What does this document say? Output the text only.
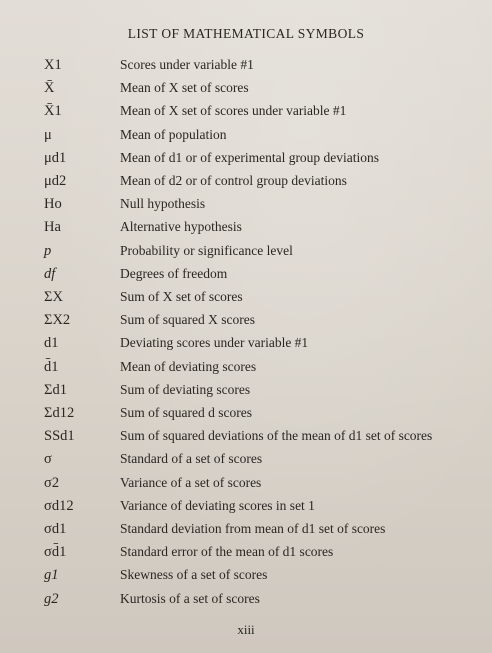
LIST OF MATHEMATICAL SYMBOLS
X1	Scores under variable #1
X̄	Mean of X set of scores
X̄1	Mean of X set of scores under variable #1
μ	Mean of population
μd1	Mean of d1 or of experimental group deviations
μd2	Mean of d2 or of control group deviations
Ho	Null hypothesis
Ha	Alternative hypothesis
p	Probability or significance level
df	Degrees of freedom
ΣX	Sum of X set of scores
ΣX2	Sum of squared X scores
d1	Deviating scores under variable #1
d̄1	Mean of deviating scores
Σd1	Sum of deviating scores
Σd12	Sum of squared d scores
SSd1	Sum of squared deviations of the mean of d1 set of scores
σ	Standard of a set of scores
σ2	Variance of a set of scores
σd12	Variance of deviating scores in set 1
σd1	Standard deviation from mean of d1 set of scores
σd̄1	Standard error of the mean of d1 scores
g1	Skewness of a set of scores
g2	Kurtosis of a set of scores
xiii
